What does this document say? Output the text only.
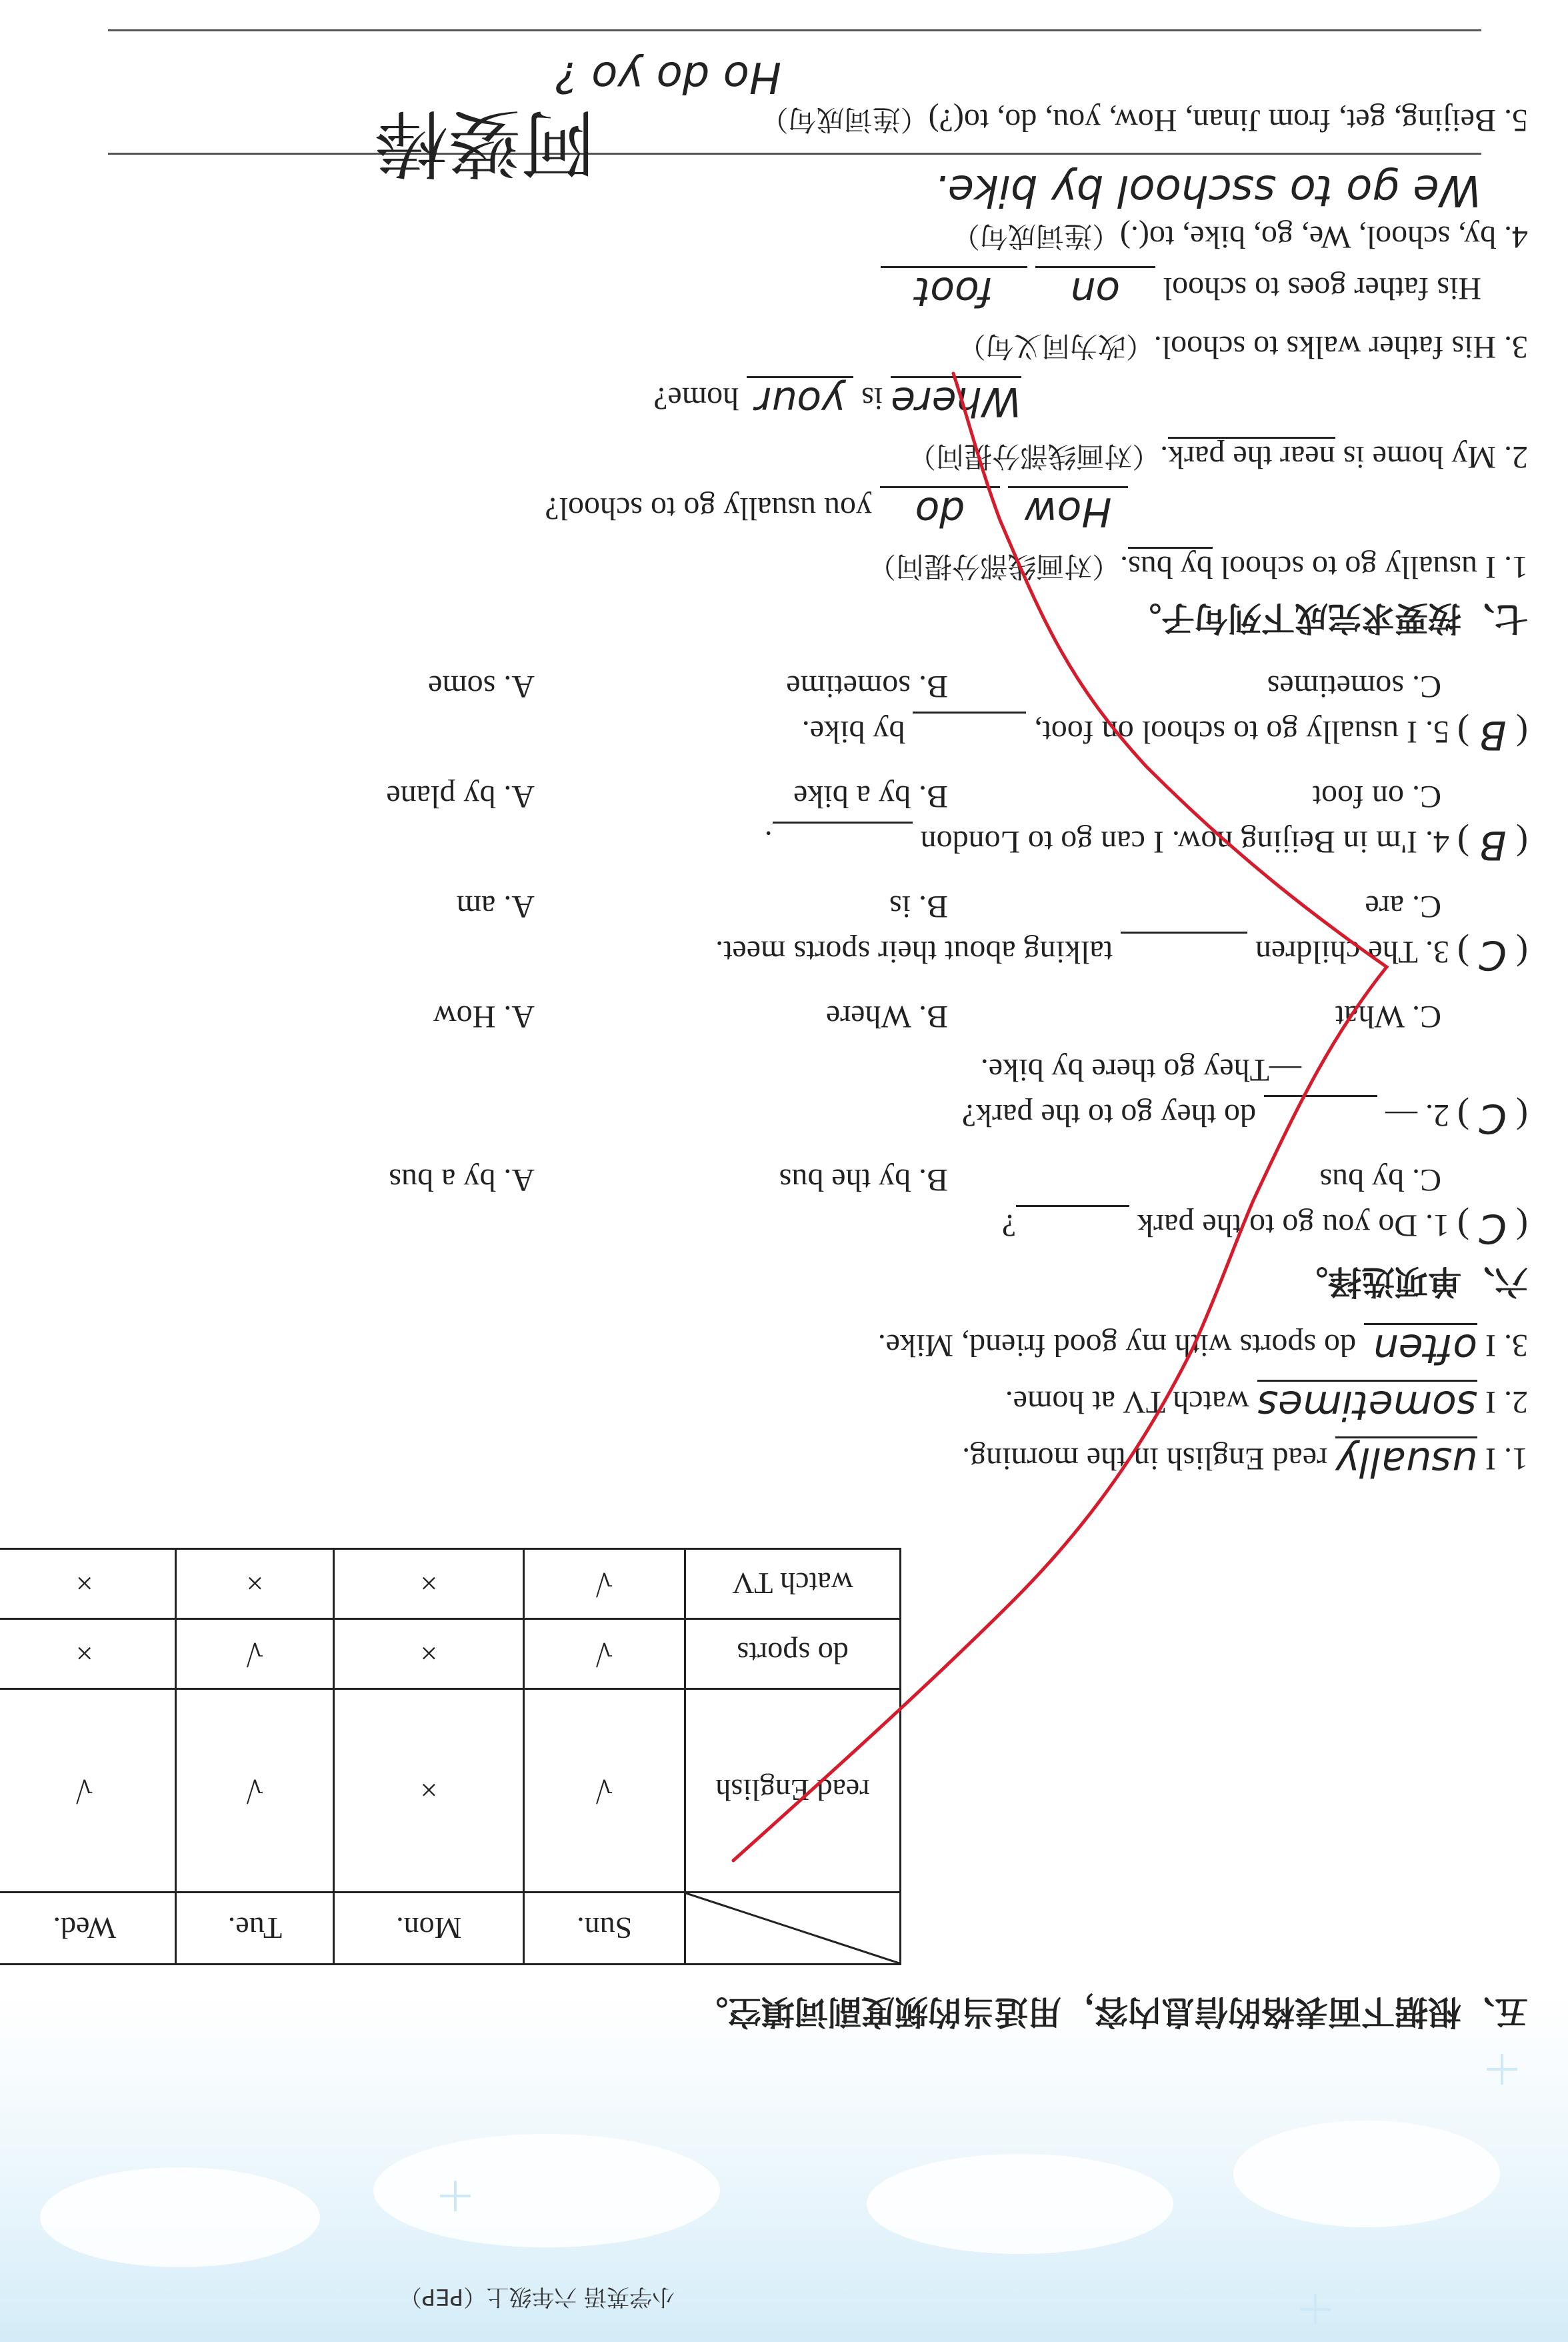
小学英语 六年级上（PEP）
五、根据下面表格的信息内容，用适当的频度副词填空。
	Sun.	Mon.	Tue.	Wed.		
read English	√	×	√	√		
do sports	√	×	√	×		
watch TV	√	×	×	×		
1. I usually read English in the morning.
2. I sometimes watch TV at home.
3. I often do sports with my good friend, Mike.
六、单项选择。
(C) 1. Do you go to the park  ?
A. by a bus	B. by the bus	C. by bus
(C) 2. —   do they go to the park?
—They go there by bike.
A. How	B. Where	C. What
(C) 3. The children   talking about their sports meet.
A. am	B. is	C. are
(B) 4. I'm in Beijing now. I can go to London  .
A. by plane	B. by a bike	C. on foot
(B) 5. I usually go to school on foot,   by bike.
A. some	B. sometime	C. sometimes
七、按要求完成下列句子。
1. I usually go to school by bus.（对画线部分提问）
How do you usually go to school?
2. My home is near the park.（对画线部分提问）
Where is your home?
3. His father walks to school.（改为同义句）
His father goes to school on foot
4. by, school, We, go, bike, to(.)（连词成句）
We go to sschool by bike.
5. Beijing, get, from Jinan, How, you, do, to(?)（连词成句）
Ho do yo ?
阿婆棒
